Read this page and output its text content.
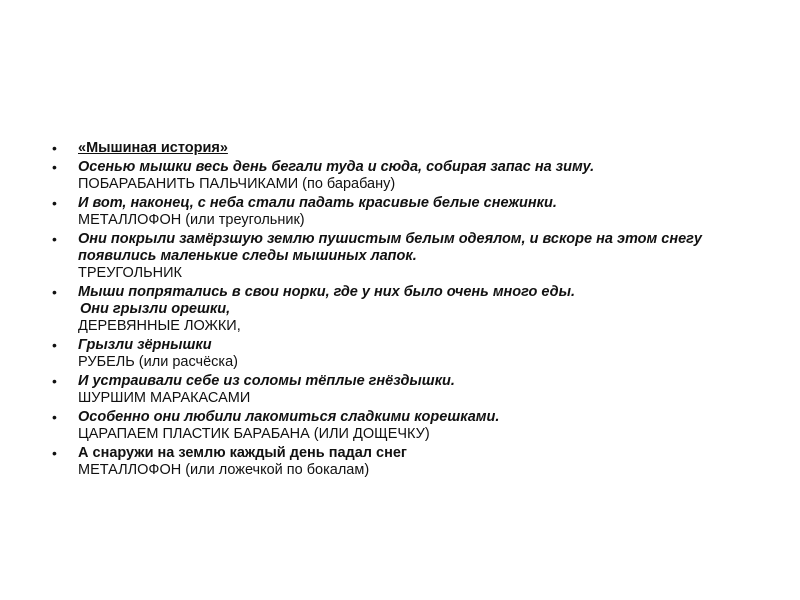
• «Мышиная история»
• Осенью мышки весь день бегали туда и сюда, собирая запас на зиму.
ПОБАРАБАНИТЬ ПАЛЬЧИКАМИ (по барабану)
• И вот, наконец, с неба стали падать красивые белые снежинки.
МЕТАЛЛОФОН (или треугольник)
• Они покрыли замёрзшую землю пушистым белым одеялом, и вскоре на этом снегу появились маленькие следы мышиных лапок.
ТРЕУГОЛЬНИК
• Мыши попрятались в свои норки, где у них было очень много еды.
Они грызли орешки,
ДЕРЕВЯННЫЕ ЛОЖКИ,
• Грызли зёрнышки
РУБЕЛЬ (или расчёска)
• И устраивали себе из соломы тёплые гнёздышки.
ШУРШИМ МАРАКАСАМИ
• Особенно они любили лакомиться сладкими корешками.
ЦАРАПАЕМ ПЛАСТИК БАРАБАНА (ИЛИ ДОЩЕЧКУ)
• А снаружи на землю каждый день падал снег
МЕТАЛЛОФОН (или ложечкой по бокалам)
